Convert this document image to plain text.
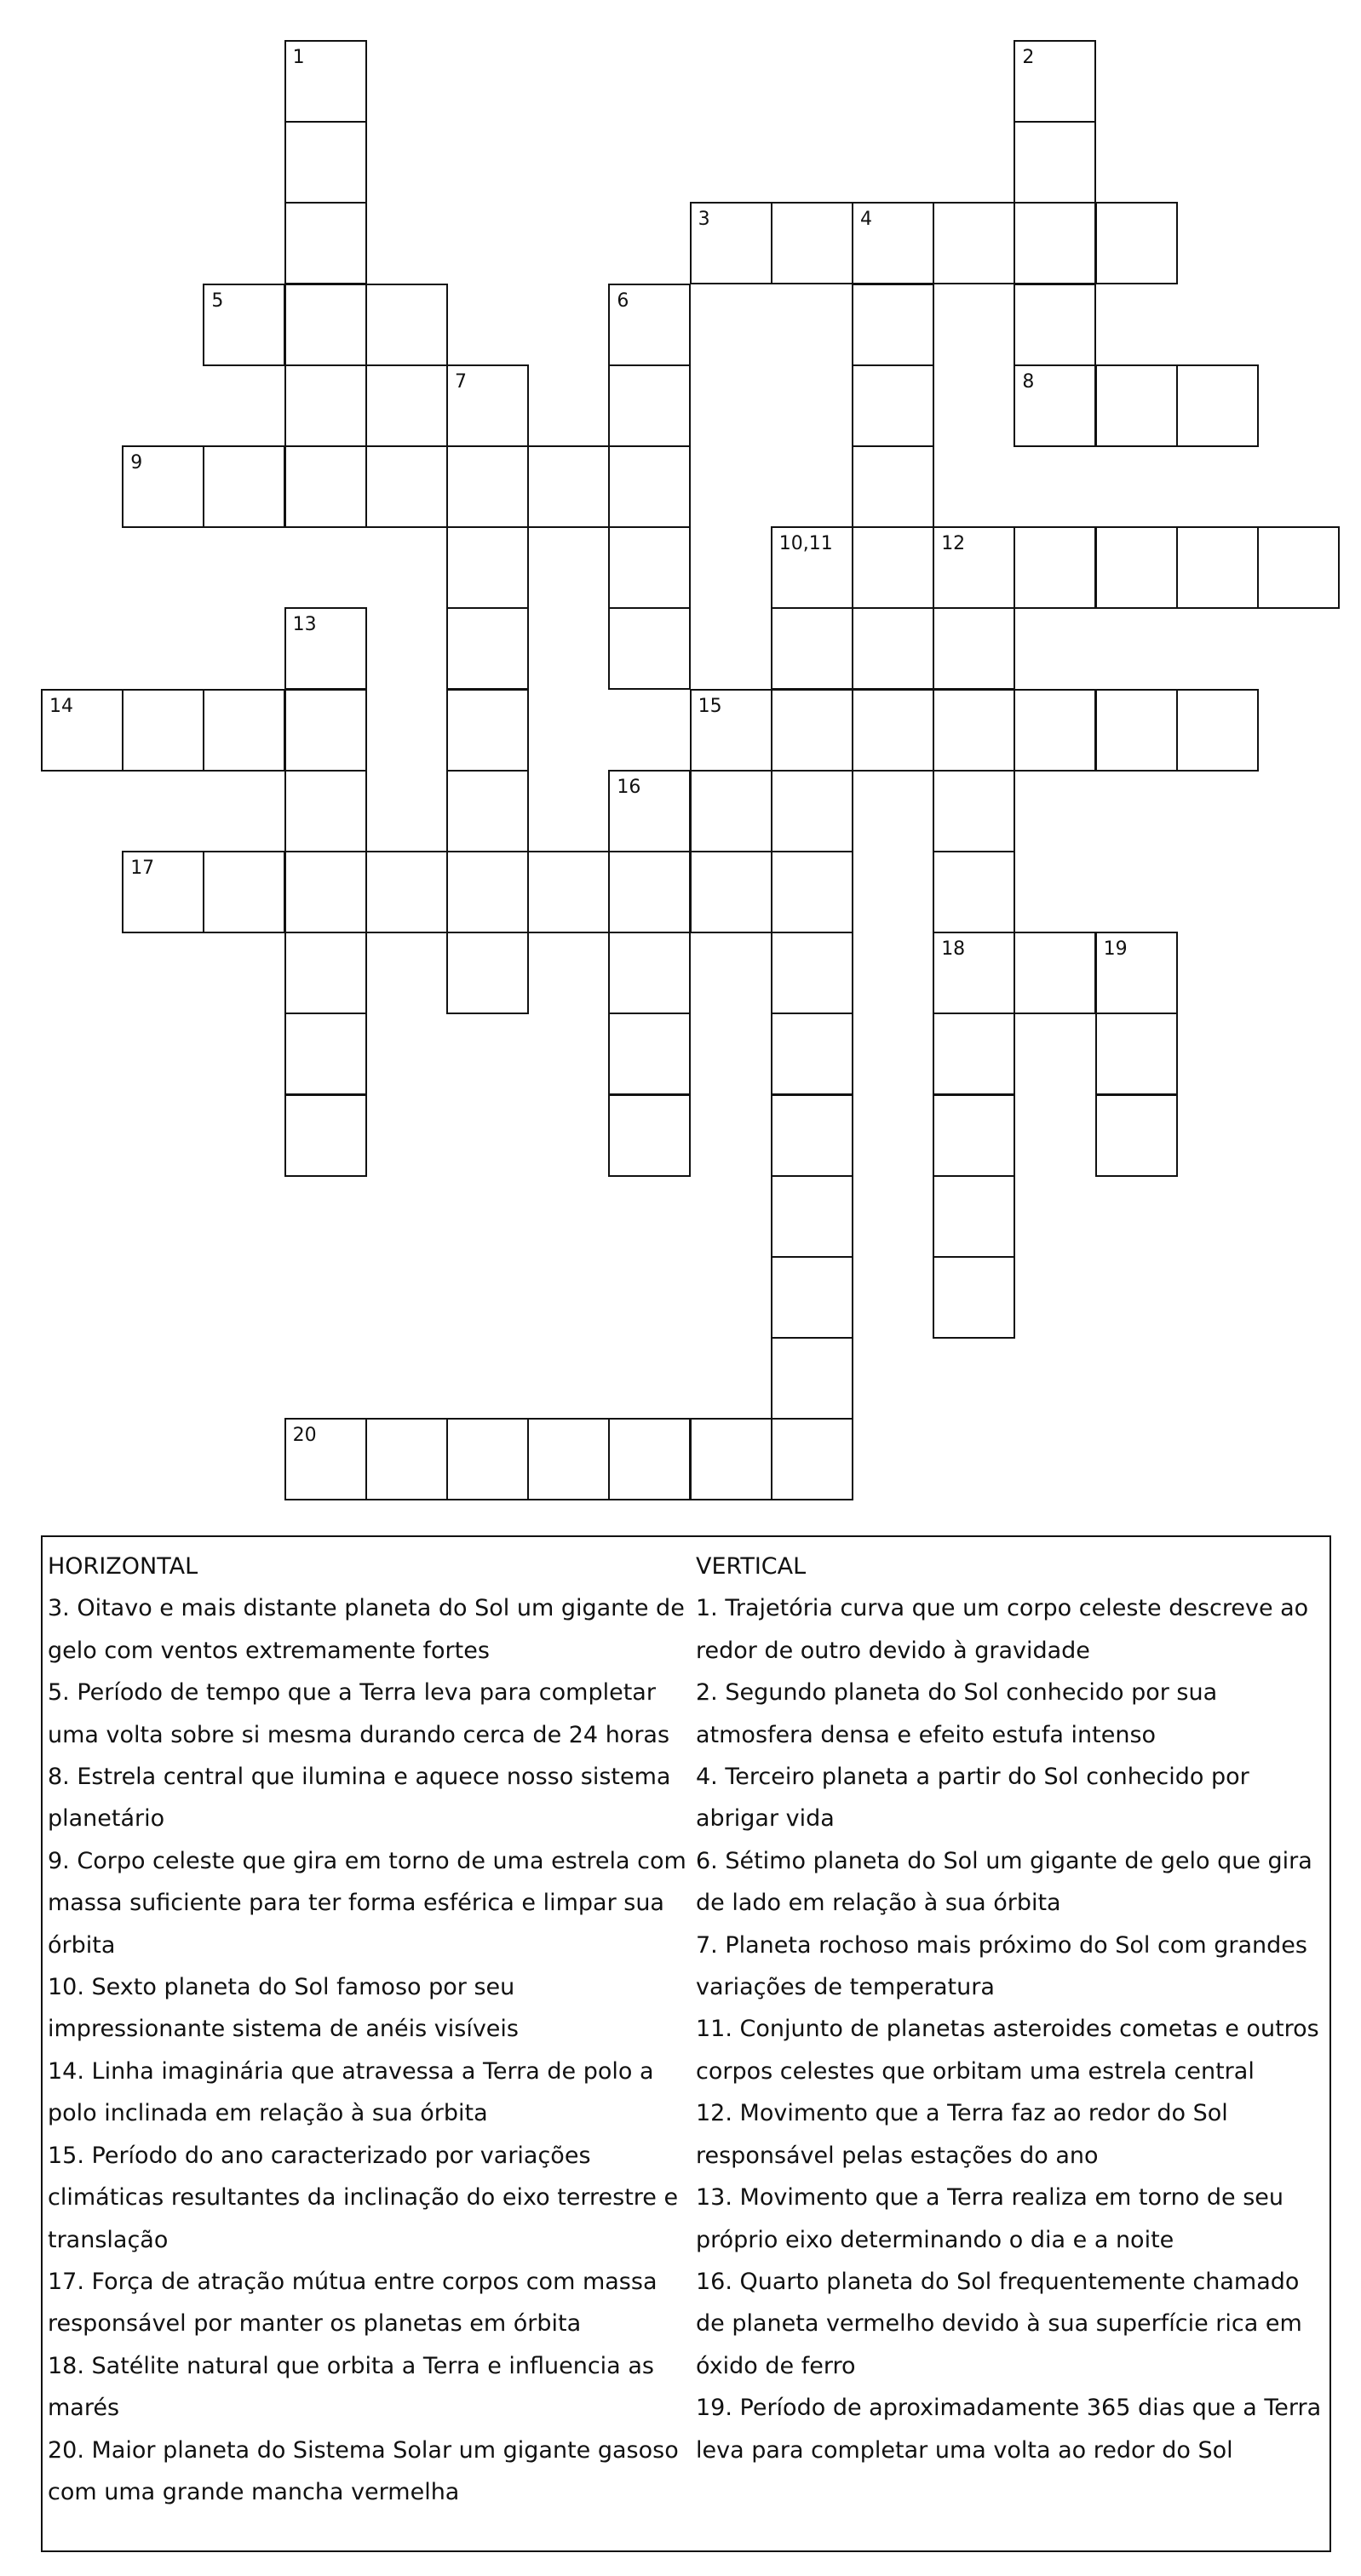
1	2
3	4
5	6
7	8
9
10,11	12
13
14	15
16
17
18	19
20
HORIZONTAL
3. Oitavo e mais distante planeta do Sol um gigante de gelo com ventos extremamente fortes
5. Período de tempo que a Terra leva para completar uma volta sobre si mesma durando cerca de 24 horas
8. Estrela central que ilumina e aquece nosso sistema planetário
9. Corpo celeste que gira em torno de uma estrela com massa suficiente para ter forma esférica e limpar sua órbita
10. Sexto planeta do Sol famoso por seu impressionante sistema de anéis visíveis
14. Linha imaginária que atravessa a Terra de polo a polo inclinada em relação à sua órbita
15. Período do ano caracterizado por variações climáticas resultantes da inclinação do eixo terrestre e translação
17. Força de atração mútua entre corpos com massa responsável por manter os planetas em órbita
18. Satélite natural que orbita a Terra e influencia as marés
20. Maior planeta do Sistema Solar um gigante gasoso com uma grande mancha vermelha
VERTICAL
1. Trajetória curva que um corpo celeste descreve ao redor de outro devido à gravidade
2. Segundo planeta do Sol conhecido por sua atmosfera densa e efeito estufa intenso
4. Terceiro planeta a partir do Sol conhecido por abrigar vida
6. Sétimo planeta do Sol um gigante de gelo que gira de lado em relação à sua órbita
7. Planeta rochoso mais próximo do Sol com grandes variações de temperatura
11. Conjunto de planetas asteroides cometas e outros corpos celestes que orbitam uma estrela central
12. Movimento que a Terra faz ao redor do Sol responsável pelas estações do ano
13. Movimento que a Terra realiza em torno de seu próprio eixo determinando o dia e a noite
16. Quarto planeta do Sol frequentemente chamado de planeta vermelho devido à sua superfície rica em óxido de ferro
19. Período de aproximadamente 365 dias que a Terra leva para completar uma volta ao redor do Sol
